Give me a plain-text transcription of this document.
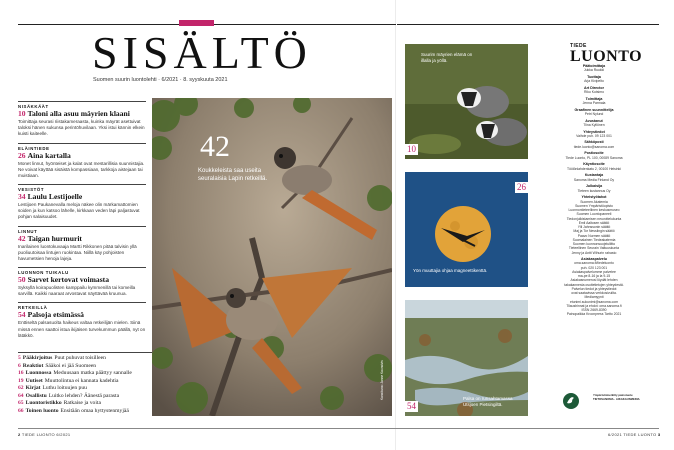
SISÄLTÖ
Suomen suurin luontolehti · 6/2021 · 8. syyskuuta 2021
NISÄKKÄÄT
10 Taloni alla asuu mäyrien klaani
Toimittaja seurasi riistakameraasta, kuinka mäyrät asettuivat taloksi hänen sukunsa perintöhuvilaan. Yksi istui kännin elkein kuisti kaiteelle.
ELÄINTIEDE
26 Aina kartalla
Monet linnut, hyönteiset ja kalat ovat mestarillisia suunnistajia. Ne voivat käyttää sisäistä kompassiaan, tarkkoja aistejaan tai muistiaan.
VESISTÖT
34 Laulu Lestijoelle
Lestijoen Paukanevalla meloja näkee olin märkamattomien soiden ja kun katsoo lähelle, kirkkaan veden läpi paljastuvat pohjan salaisuudet.
LINNUT
42 Taigan hurmurit
Inarilainen luontokuvaaja Martti Rikkonen pitää talvisin yllä puoliuutoisaa lintujen ruokintaa. Niillä käy pohjoisten havumetsien henoja lajeja.
LUONNON TUIKALU
50 Sarvet kertovat voimasta
Syksyllä koirapuolisten kamppailu kymmenillä tai komeilla sarvillä. Kaikki naaraat arvostavat näyttävää kruunua.
RETKEILLÄ
54 Palsoja etsimässä
Enttiseltä palsasuolta haikeus valtaa retkeilijän mielen. Siinä missä ennen saattoi istua ikijäisen turvekummun päällä, nyt on lätäkkö.
5 Pääkirjoitus Puut puhuvat toisilleen
6 Reaktiot Sääkoi ei jää Suomeen
16 Luonnossa Meduusaan matka päättyy sannalle
19 Uutiset Muuttolintua ei kannata kadehtia
62 Kirjat Luthu loituujen puu
64 Osallistu Luitko lehden? Äänestä parasta
65 Luontoristikko Ratkaise ja voita
66 Toinen luonto Ensitään omaa hyttystenmyjää
42
Koukkeleista saa useita seuralaisia Lapin retkeillä.
Kansikuva: Janne Kaunsivis
Suurim mäyrien elämä on illalla ja yöllä.
10
Yön muuttajia ohjaa magneettikenttä.
26
Palsa on runsahtamassa Utsjoen Pietsingiltä.
54
TIEDE
LUONTO
Päätoimittaja
Jukka Ruukki
Tuottaja
Arja Kivipelto
Art Director
Riku Kutsimo
Toimittaja
Jenna Parmala
Graafinen suunnittelija
Petri Nylund
Avustanut
Tiina Kyllönen
Yhteystiedot
Vaihde puh. 09 123 001
Sähköposti
tiede.luonto@sanoma.com
Postiosoite
Tiede Luonto, PL 100, 00089 Sanoma
Käyntiosoite
Töölönlahdenkatu 2, 00100 Helsinki
Kustantaja
Sanoma Media Finland Oy
Julkaisija
Tieteen kustannus Oy
Yhteistyötahot
Suomen Akatemia
Suomen Ympäristöopisto
Luonnontieteellinen keskusmuseo
Suomen Luontopaneeli
Tiedonjulkistamisen neuvottelukunta
Emil Aaltosen säätiö
Ylli Jahnssonin säätiö
Maj ja Tor Nesslingin säätiö
Paavo Nurmen säätiö
Suomalainen Tiedeakatemia
Suomen luonnonsuojeluliitto
Tieteellinen Seurain Valtuuskunta
Jenny ja Antti Wihurin rahasto
Asiakaspalvelu
oma.sanoma.fi/tiedeluonto
puh. 020 123 001
Asiakaspalvelumme palvelee
ma-pe 8-16 ja la 9-15
Asiakasnumerosi löydät lehden
takakannesta osoitetietojen yhteydestä.
Palvelun tiedot ja yhteystiedot
ovat saatavissa verkkosivuilta.
Mediamyynti
etunimi.sukunimi@sanoma.com
Tilaushinnat ja ehdot: oma.sanoma.fi
ISSN 2669-8390
Painopaikka Kroonpress Tartto 2021
Ympäristömerkitty painotuote
TIETOSANOMA · AIKAKAUSMEDIA
2 TIEDE LUONTO 6/2021	6/2021 TIEDE LUONTO 3
